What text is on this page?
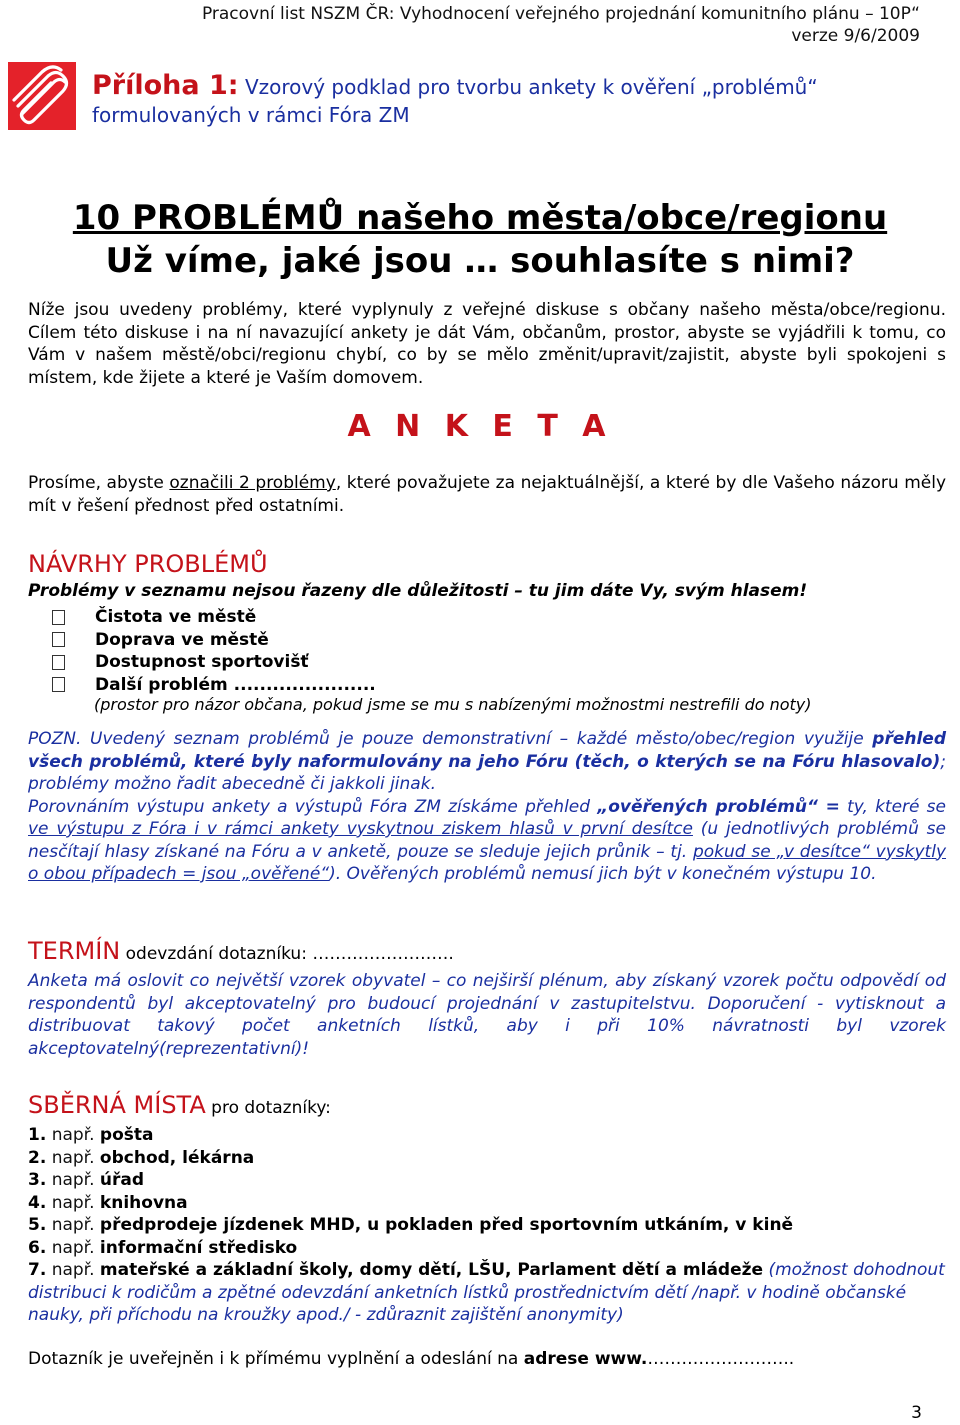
Pracovní list NSZM ČR: Vyhodnocení veřejného projednání komunitního plánu – 10P“
verze 9/6/2009
Příloha 1: Vzorový podklad pro tvorbu ankety k ověření „problémů“ formulovaných v rámci Fóra ZM
10 PROBLÉMŮ našeho města/obce/regionu
Už víme, jaké jsou … souhlasíte s nimi?
Níže jsou uvedeny problémy, které vyplynuly z veřejné diskuse s občany našeho města/obce/regionu. Cílem této diskuse i na ní navazující ankety je dát Vám, občanům, prostor, abyste se vyjádřili k tomu, co Vám v našem městě/obci/regionu chybí, co by se mělo změnit/upravit/zajistit, abyste byli spokojeni s místem, kde žijete a které je Vaším domovem.
A N K E T A
Prosíme, abyste označili 2 problémy, které považujete za nejaktuálnější, a které by dle Vašeho názoru měly mít v řešení přednost před ostatními.
NÁVRHY PROBLÉMŮ
Problémy v seznamu nejsou řazeny dle důležitosti – tu jim dáte Vy, svým hlasem!
Čistota ve městě
Doprava ve městě
Dostupnost sportovišť
Další problém ......................
(prostor pro názor občana, pokud jsme se mu s nabízenými možnostmi nestrefili do noty)
POZN. Uvedený seznam problémů je pouze demonstrativní – každé město/obec/region využije přehled všech problémů, které byly naformulovány na jeho Fóru (těch, o kterých se na Fóru hlasovalo); problémy možno řadit abecedně či jakkoli jinak.
Porovnáním výstupu ankety a výstupů Fóra ZM získáme přehled „ověřených problémů“ = ty, které se ve výstupu z Fóra i v rámci ankety vyskytnou ziskem hlasů v první desítce (u jednotlivých problémů se nesčítají hlasy získané na Fóru a v anketě, pouze se sleduje jejich průnik – tj. pokud se „v desítce“ vyskytly o obou případech = jsou „ověřené“). Ověřených problémů nemusí jich být v konečném výstupu 10.
TERMÍN odevzdání dotazníku: …………………….
Anketa má oslovit co největší vzorek obyvatel – co nejširší plénum, aby získaný vzorek počtu odpovědí od respondentů byl akceptovatelný pro budoucí projednání v zastupitelstvu. Doporučení - vytisknout a distribuovat takový počet anketních lístků, aby i při 10% návratnosti byl vzorek akceptovatelný(reprezentativní)!
SBĚRNÁ MÍSTA pro dotazníky:
1. např. pošta
2. např. obchod, lékárna
3. např. úřad
4. např. knihovna
5. např. předprodeje jízdenek MHD, u pokladen před sportovním utkáním, v kině
6. např. informační středisko
7. např. mateřské a základní školy, domy dětí, LŠU, Parlament dětí a mládeže (možnost dohodnout distribuci k rodičům a zpětné odevzdání anketních lístků prostřednictvím dětí /např. v hodině občanské nauky, při příchodu na kroužky apod./ - zdůraznit zajištění anonymity)
Dotazník je uveřejněn i k přímému vyplnění a odeslání na adrese www.……………………..
3
